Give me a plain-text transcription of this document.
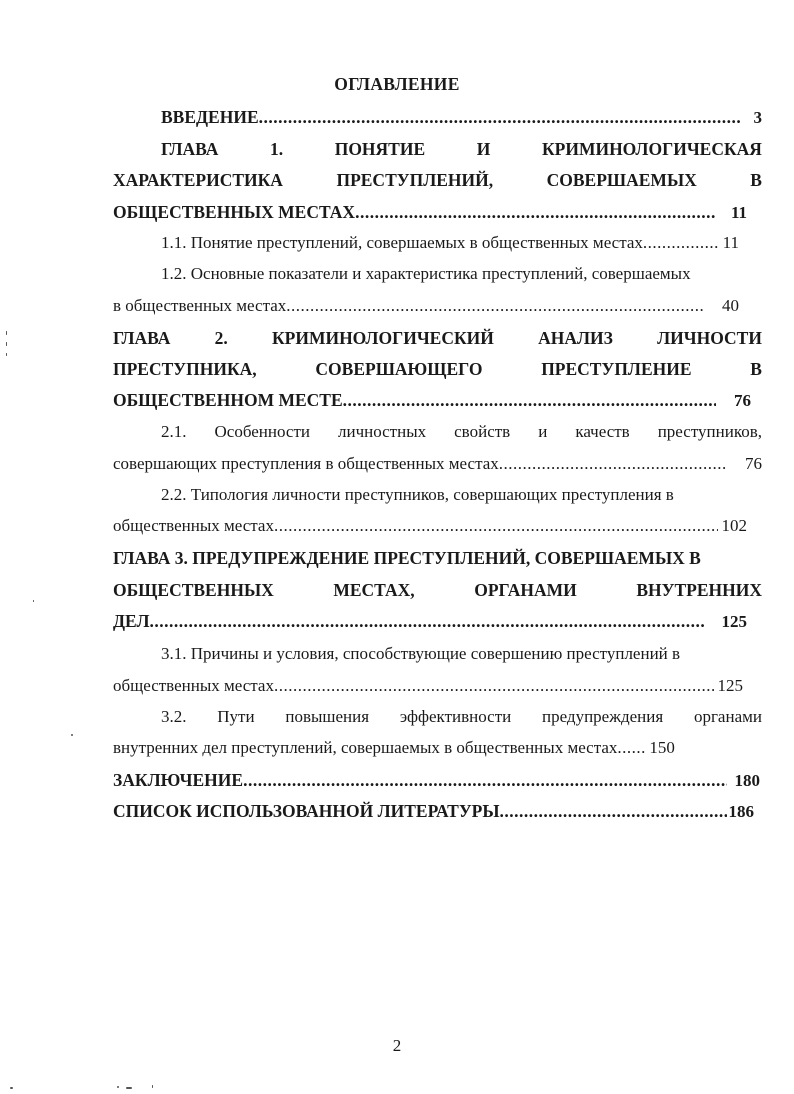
ОГЛАВЛЕНИЕ
ВВЕДЕНИЕ .....	3
ГЛАВА	1.	ПОНЯТИЕ	И	КРИМИНОЛОГИЧЕСКАЯ
ХАРАКТЕРИСТИКА	ПРЕСТУПЛЕНИЙ,	СОВЕРШАЕМЫХ	В
ОБЩЕСТВЕННЫХ МЕСТАХ .....	11
1.1. Понятие преступлений, совершаемых в общественных местах .....	11
1.2. Основные показатели и характеристика преступлений, совершаемых
в общественных местах .....	40
ГЛАВА	2.	КРИМИНОЛОГИЧЕСКИЙ	АНАЛИЗ	ЛИЧНОСТИ
ПРЕСТУПНИКА,	СОВЕРШАЮЩЕГО	ПРЕСТУПЛЕНИЕ	В
ОБЩЕСТВЕННОМ МЕСТЕ .....	76
2.1. Особенности личностных свойств и качеств преступников,
совершающих преступления в общественных местах .....	76
2.2. Типология личности преступников, совершающих преступления в
общественных местах .....	102
ГЛАВА 3. ПРЕДУПРЕЖДЕНИЕ ПРЕСТУПЛЕНИЙ, СОВЕРШАЕМЫХ В
ОБЩЕСТВЕННЫХ	МЕСТАХ,	ОРГАНАМИ	ВНУТРЕННИХ
ДЕЛ .....	125
3.1. Причины и условия, способствующие совершению преступлений в
общественных местах .....	125
3.2. Пути повышения эффективности предупреждения органами
внутренних дел преступлений, совершаемых в общественных местах ..... 150
ЗАКЛЮЧЕНИЕ .....	180
СПИСОК ИСПОЛЬЗОВАННОЙ ЛИТЕРАТУРЫ .....	186
2
